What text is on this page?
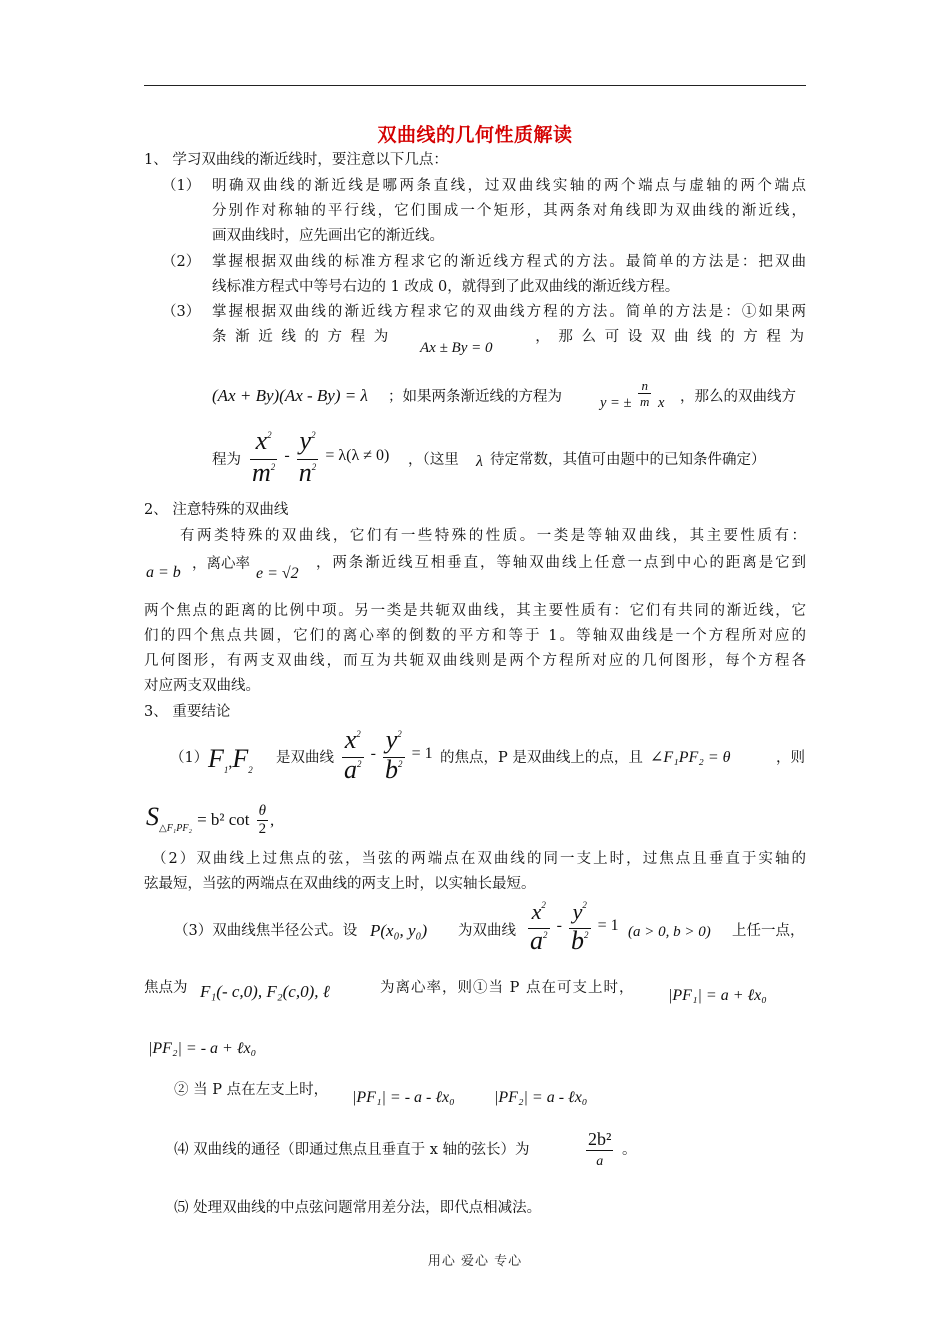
双曲线的几何性质解读
1、 学习双曲线的渐近线时，要注意以下几点：
（1） 明确双曲线的渐近线是哪两条直线，过双曲线实轴的两个端点与虚轴的两个端点
分别作对称轴的平行线，它们围成一个矩形，其两条对角线即为双曲线的渐近线，
画双曲线时，应先画出它的渐近线。
（2） 掌握根据双曲线的标准方程求它的渐近线方程式的方法。最简单的方法是：把双曲
线标准方程式中等号右边的 1 改成 0，就得到了此双曲线的渐近线方程。
（3） 掌握根据双曲线的渐近线方程求它的双曲线方程的方法。简单的方法是：①如果两
条 渐 近 线 的 方 程 为
Ax ± By = 0
， 那 么 可 设 双 曲 线 的 方 程 为
(Ax + By)(Ax - By) = λ ；如果两条渐近线的方程为	y = ± $\frac{n}{m}$ x ，那么的双曲线方
程为 $\frac{x^2}{m^2} - \frac{y^2}{n^2} = \lambda(\lambda \ne 0)$ ，（这里 λ 待定常数，其值可由题中的已知条件确定）
2、 注意特殊的双曲线
有两类特殊的双曲线，它们有一些特殊的性质。一类是等轴双曲线，其主要性质有：
a = b ，离心率
e = √2
，两条渐近线互相垂直，等轴双曲线上任意一点到中心的距离是它到
两个焦点的距离的比例中项。另一类是共轭双曲线，其主要性质有：它们有共同的渐近线，它
们的四个焦点共圆，它们的离心率的倒数的平方和等于 1。等轴双曲线是一个方程所对应的
几何图形，有两支双曲线，而互为共轭双曲线则是两个方程所对应的几何图形，每个方程各
对应两支双曲线。
3、 重要结论
（1） $F_1,F_2$
是双曲线 $\frac{x^2}{a^2} - \frac{y^2}{b^2} = 1$ 的焦点，P 是双曲线上的点，且 ∠F₁PF₂ = θ	，则
$S_{\triangle F_1PF_2} = b^2$ $\cot \frac{\theta}{2}$ ,
（2）双曲线上过焦点的弦，当弦的两端点在双曲线的同一支上时，过焦点且垂直于实轴的
弦最短，当弦的两端点在双曲线的两支上时，以实轴长最短。
（3）双曲线焦半径公式。设 P(x₀, y₀) 为双曲线 $\frac{x^2}{a^2} - \frac{y^2}{b^2} = 1$ (a > 0, b > 0) 上任一点，
焦点为 F₁(- c,0), F₂(c,0), ℓ	为离心率，则①当 P 点在可支上时， |PF₁| = a + ℓx₀
|PF₂| = - a + ℓx₀
② 当 P 点在左支上时， |PF₁| = - a - ℓx₀ |PF₂| = a - ℓx₀
⑷ 双曲线的通径（即通过焦点且垂直于 x 轴的弦长）为	$\frac{\text{2b²}}{a}$ 。
⑸ 处理双曲线的中点弦问题常用差分法，即代点相减法。
用心 爱心 专心
